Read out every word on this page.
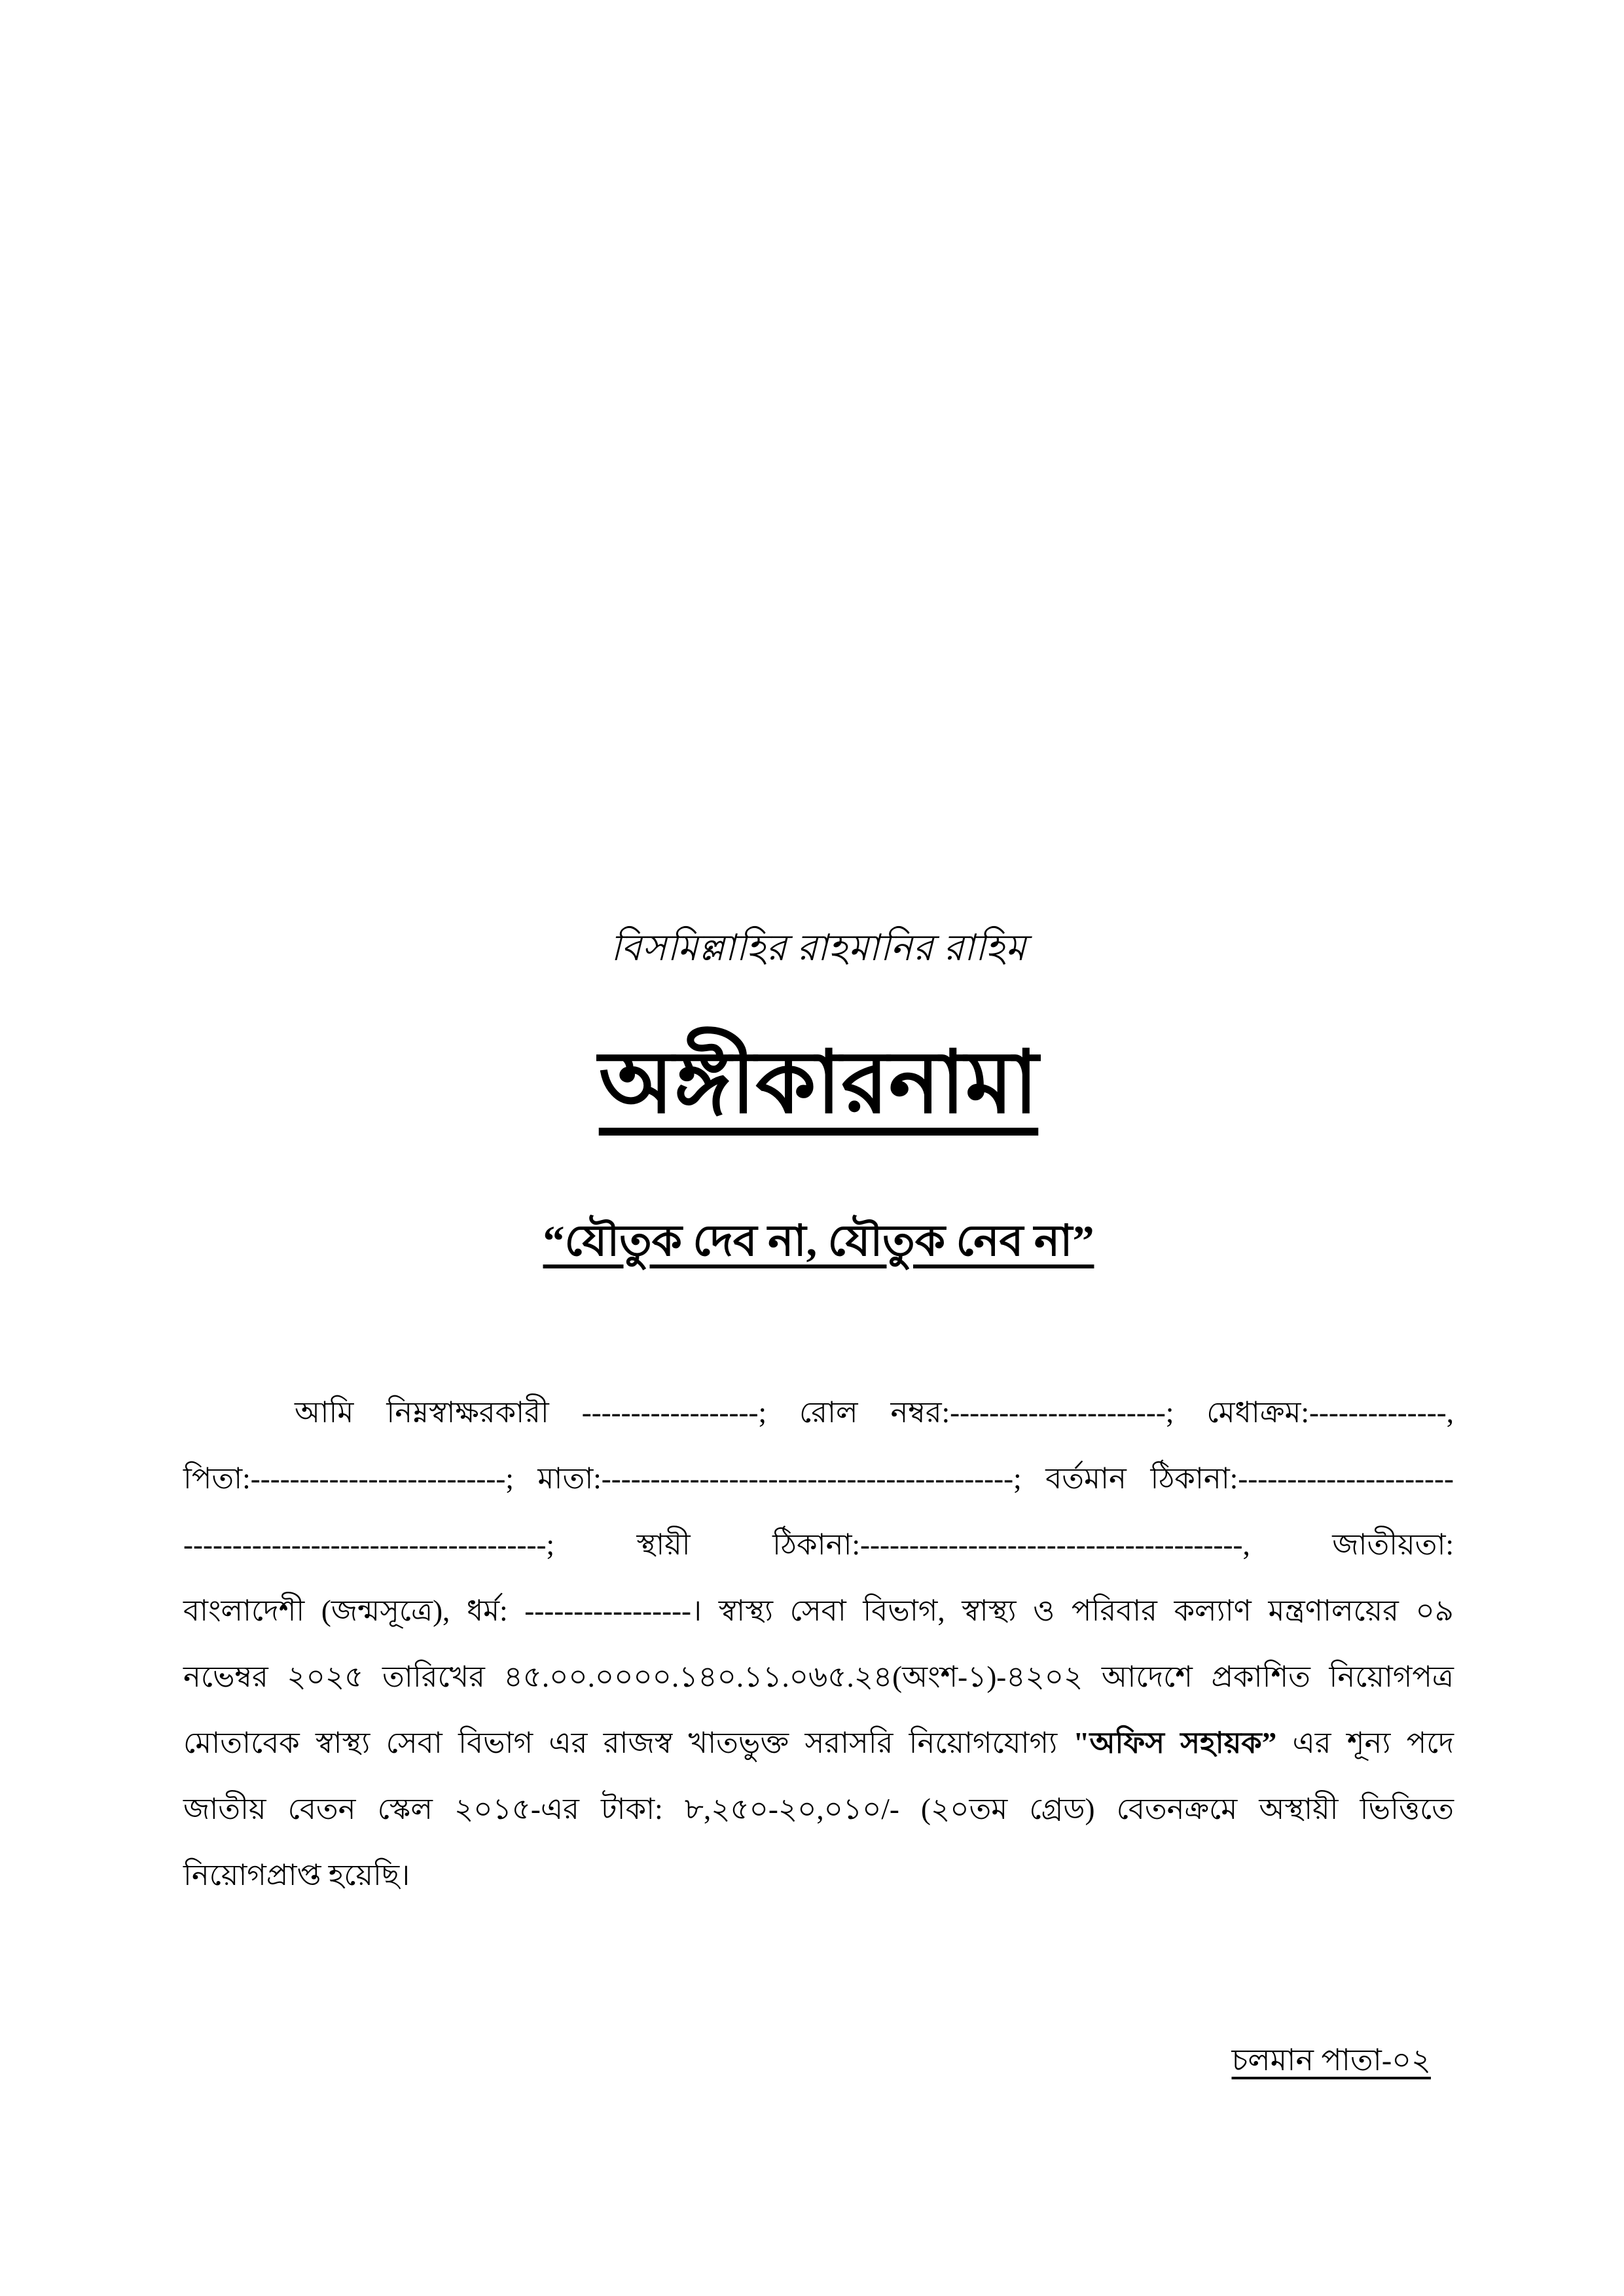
বিসমিল্লাহির রাহমানির রাহিম
অঙ্গীকারনামা
“যৌতুক দেব না, যৌতুক নেব না”
আমি নিম্নস্বাক্ষরকারী ------------------; রোল নম্বর:----------------------; মেধাক্রম:--------------,
পিতা:--------------------------; মাতা:------------------------------------------; বর্তমান ঠিকানা:----------------------
-------------------------------------; স্থায়ী ঠিকানা:---------------------------------------, জাতীয়তা:
বাংলাদেশী (জন্মসূত্রে), ধর্ম: -----------------। স্বাস্থ্য সেবা বিভাগ, স্বাস্থ্য ও পরিবার কল্যাণ মন্ত্রণালয়ের ০৯
নভেম্বর ২০২৫ তারিখের ৪৫.০০.০০০০.১৪০.১১.০৬৫.২৪(অংশ-১)-৪২০২ আদেশে প্রকাশিত নিয়োগপত্র
মোতাবেক স্বাস্থ্য সেবা বিভাগ এর রাজস্ব খাতভুক্ত সরাসরি নিয়োগযোগ্য "অফিস সহায়ক” এর শূন্য পদে
জাতীয় বেতন স্কেল ২০১৫-এর টাকা: ৮,২৫০-২০,০১০/- (২০তম গ্রেড) বেতনক্রমে অস্থায়ী ভিত্তিতে
নিয়োগপ্রাপ্ত হয়েছি।
চলমান পাতা-০২
